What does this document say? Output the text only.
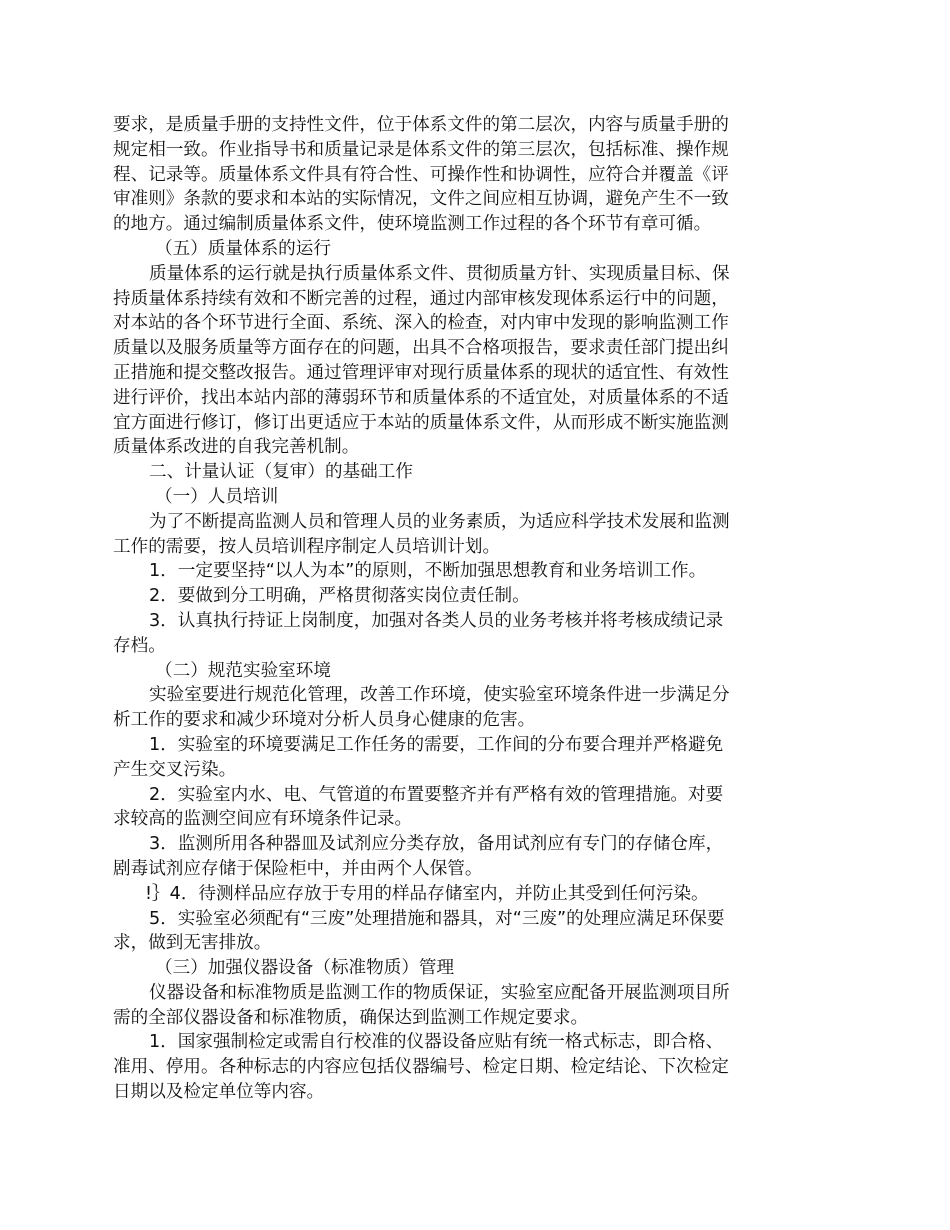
要求，是质量手册的支持性文件，位于体系文件的第二层次，内容与质量手册的
规定相一致。作业指导书和质量记录是体系文件的第三层次，包括标准、操作规
程、记录等。质量体系文件具有符合性、可操作性和协调性，应符合并覆盖《评
审准则》条款的要求和本站的实际情况，文件之间应相互协调，避免产生不一致
的地方。通过编制质量体系文件，使环境监测工作过程的各个环节有章可循。
（五）质量体系的运行
质量体系的运行就是执行质量体系文件、贯彻质量方针、实现质量目标、保
持质量体系持续有效和不断完善的过程，通过内部审核发现体系运行中的问题，
对本站的各个环节进行全面、系统、深入的检查，对内审中发现的影响监测工作
质量以及服务质量等方面存在的问题，出具不合格项报告，要求责任部门提出纠
正措施和提交整改报告。通过管理评审对现行质量体系的现状的适宜性、有效性
进行评价，找出本站内部的薄弱环节和质量体系的不适宜处，对质量体系的不适
宜方面进行修订，修订出更适应于本站的质量体系文件，从而形成不断实施监测
质量体系改进的自我完善机制。
二、计量认证（复审）的基础工作
（一）人员培训
为了不断提高监测人员和管理人员的业务素质，为适应科学技术发展和监测
工作的需要，按人员培训程序制定人员培训计划。
1．一定要坚持“以人为本”的原则，不断加强思想教育和业务培训工作。
2．要做到分工明确，严格贯彻落实岗位责任制。
3．认真执行持证上岗制度，加强对各类人员的业务考核并将考核成绩记录
存档。
（二）规范实验室环境
实验室要进行规范化管理，改善工作环境，使实验室环境条件进一步满足分
析工作的要求和减少环境对分析人员身心健康的危害。
1．实验室的环境要满足工作任务的需要，工作间的分布要合理并严格避免
产生交叉污染。
2．实验室内水、电、气管道的布置要整齐并有严格有效的管理措施。对要
求较高的监测空间应有环境条件记录。
3．监测所用各种器皿及试剂应分类存放，备用试剂应有专门的存储仓库，
剧毒试剂应存储于保险柜中，并由两个人保管。
!｝4．待测样品应存放于专用的样品存储室内，并防止其受到任何污染。
5．实验室必须配有“三废”处理措施和器具，对“三废”的处理应满足环保要
求，做到无害排放。
（三）加强仪器设备（标准物质）管理
仪器设备和标准物质是监测工作的物质保证，实验室应配备开展监测项目所
需的全部仪器设备和标准物质，确保达到监测工作规定要求。
1．国家强制检定或需自行校准的仪器设备应贴有统一格式标志，即合格、
准用、停用。各种标志的内容应包括仪器编号、检定日期、检定结论、下次检定
日期以及检定单位等内容。
